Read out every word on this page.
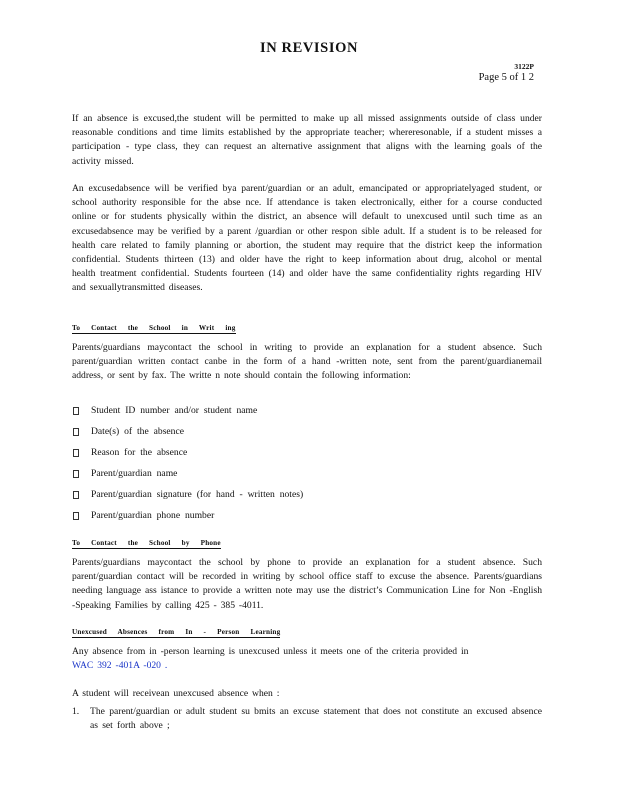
IN REVISION
3122P
Page 5 of 1 2

If an absence is excused,the student will be permitted to make up all missed assignments outside of class under reasonable conditions and time limits established by the appropriate teacher; whereresonable, if a student misses a participation - type class, they can request an alternative assignment that aligns with the learning goals of the activity missed.

An excusedabsence will be verified bya parent/guardian or an adult, emancipated or appropriatelyaged student, or school authority responsible for the abse nce. If attendance is taken electronically, either for a course conducted online or for students physically within the district, an absence will default to unexcused until such time as an excusedabsence may be verified by a parent /guardian or other respon sible adult. If a student is to be released for health care related to family planning or abortion, the student may require that the district keep the information confidential. Students thirteen (13) and older have the right to keep information about drug, alcohol or mental health treatment confidential. Students fourteen (14) and older have the same confidentiality rights regarding HIV and sexuallytransmitted diseases.

To Contact the School in Writ ing

Parents/guardians maycontact the school in writing to provide an explanation for a student absence. Such parent/guardian written contact canbe in the form of a hand -written note, sent from the parent/guardianemail address, or sent by fax. The writte n note should contain the following information:

Student ID number and/or student name
Date(s) of the absence
Reason for the absence
Parent/guardian name
Parent/guardian signature (for hand - written notes)
Parent/guardian phone number
To Contact the School by Phone

Parents/guardians maycontact the school by phone to provide an explanation for a student absence. Such parent/guardian contact will be recorded in writing by school office staff to excuse the absence. Parents/guardians needing language ass istance to provide a written note may use the district’s Communication Line for Non -English -Speaking Families by calling 425 - 385 -4011.

Unexcused Absences from In - Person Learning

Any absence from in -person learning is unexcused unless it meets one of the criteria provided in
WAC 392 -401A -020 .

A student will receivean unexcused absence when :

1.	The parent/guardian or adult student su bmits an excuse statement that does not constitute an excused absence as set forth above ;
